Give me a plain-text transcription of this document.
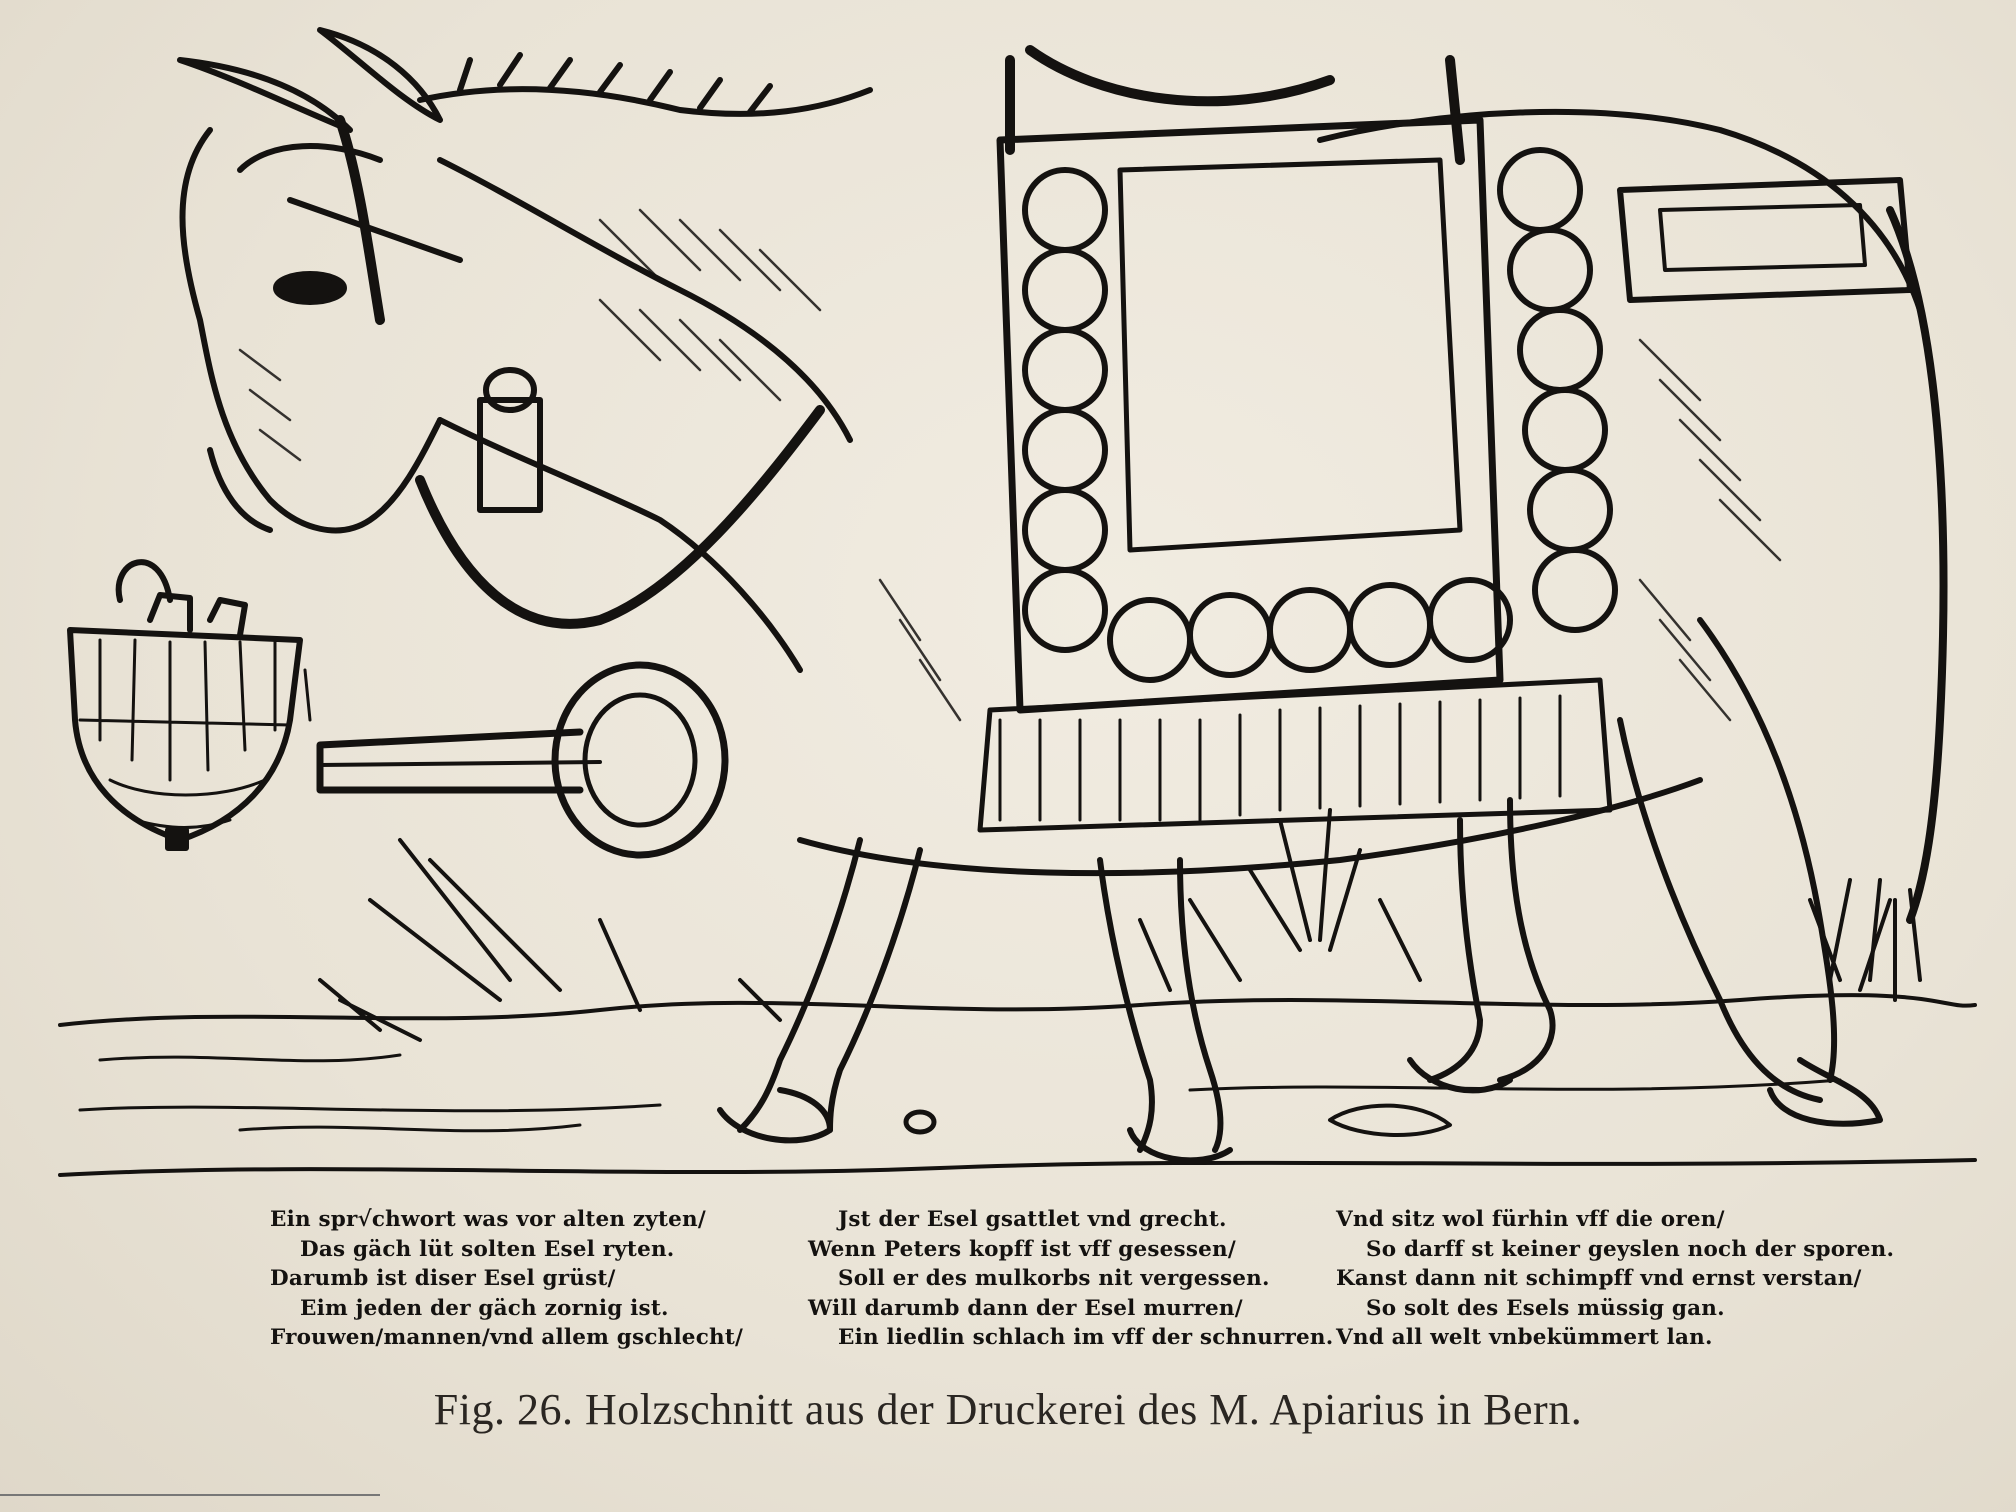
Ein spr√chwort was vor alten zyten/
Das gäch lüt solten Esel ryten.
Darumb ist diser Esel grüst/
Eim jeden der gäch zornig ist.
Frouwen/mannen/vnd allem gschlecht/
Jst der Esel gsattlet vnd grecht.
Wenn Peters kopff ist vff gesessen/
Soll er des mulkorbs nit vergessen.
Will darumb dann der Esel murren/
Ein liedlin schlach im vff der schnurren.
Vnd sitz wol fürhin vff die oren/
So darff st keiner geyslen noch der sporen.
Kanst dann nit schimpff vnd ernst verstan/
So solt des Esels müssig gan.
Vnd all welt vnbekümmert lan.
Fig. 26. Holzschnitt aus der Druckerei des M. Apiarius in Bern.
